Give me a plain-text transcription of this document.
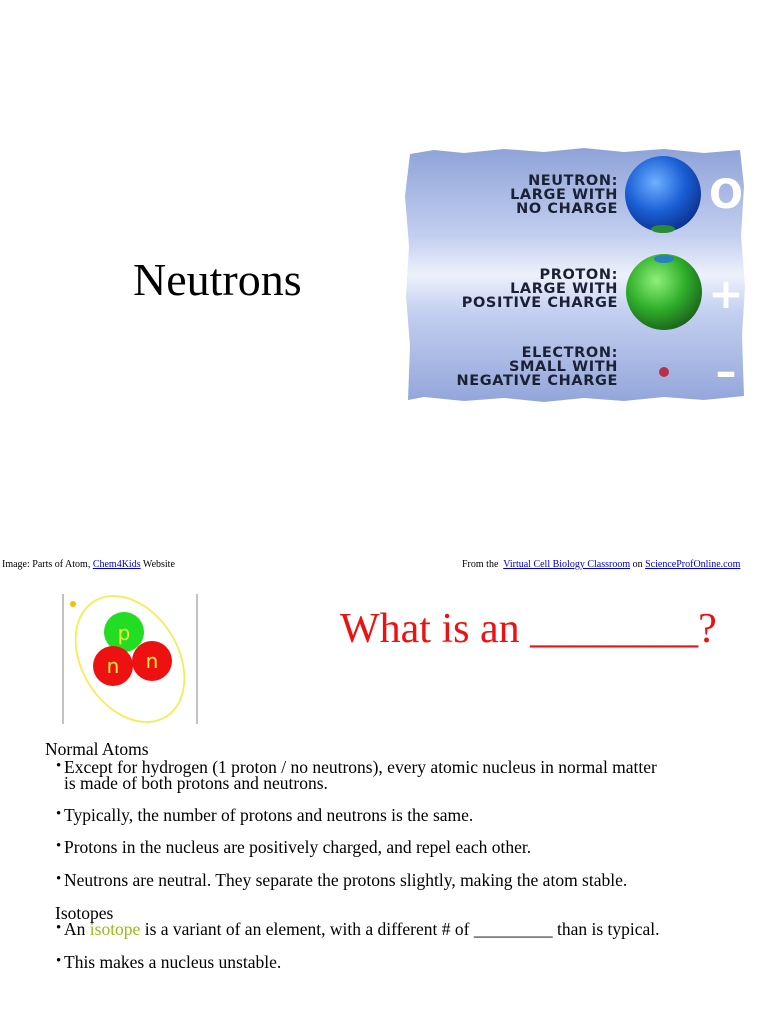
Neutrons
NEUTRON:
LARGE WITH
NO CHARGE O
PROTON:
LARGE WITH
POSITIVE CHARGE +
ELECTRON:
SMALL WITH
NEGATIVE CHARGE –
Image: Parts of Atom, Chem4Kids Website	From the  Virtual Cell Biology Classroom on ScienceProfOnline.com
p
n n
What is an ________?
Normal Atoms
• Except for hydrogen (1 proton / no neutrons), every atomic nucleus in normal matter
is made of both protons and neutrons.
• Typically, the number of protons and neutrons is the same.
• Protons in the nucleus are positively charged, and repel each other.
• Neutrons are neutral. They separate the protons slightly, making the atom stable.
Isotopes
• An isotope is a variant of an element, with a different # of _________ than is typical.
• This makes a nucleus unstable.
